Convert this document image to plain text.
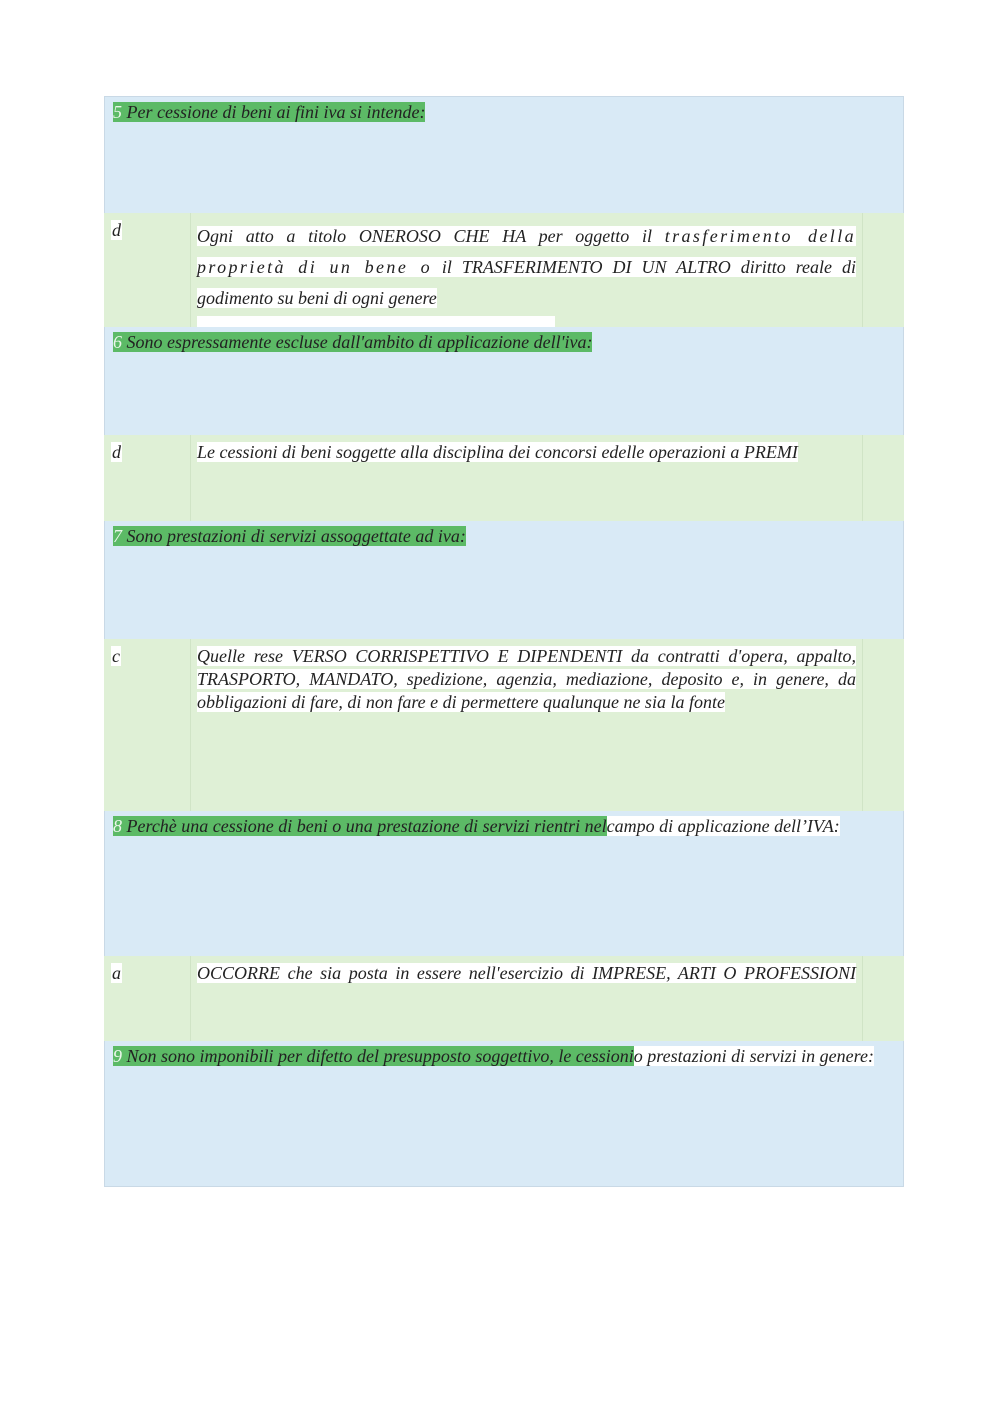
5 Per cessione di beni ai fini iva si intende:
d	Ogni atto a titolo ONEROSO CHE HA per oggetto il trasferimento della proprietà di un bene o il TRASFERIMENTO DI UN ALTRO diritto reale di godimento su beni di ogni genere
6 Sono espressamente escluse dall'ambito di applicazione dell'iva:
d	Le cessioni di beni soggette alla disciplina dei concorsi edelle operazioni a PREMI
7 Sono prestazioni di servizi assoggettate ad iva:
c	Quelle rese VERSO CORRISPETTIVO E DIPENDENTI da contratti d'opera, appalto, TRASPORTO, MANDATO, spedizione, agenzia, mediazione, deposito e, in genere, da obbligazioni di fare, di non fare e di permettere qualunque ne sia la fonte
8 Perchè una cessione di beni o una prestazione di servizi rientri nelcampo di applicazione dell’IVA:
a	OCCORRE che sia posta in essere nell'esercizio di IMPRESE, ARTI O PROFESSIONI
9 Non sono imponibili per difetto del presupposto soggettivo, le cessionio prestazioni di servizi in genere:
